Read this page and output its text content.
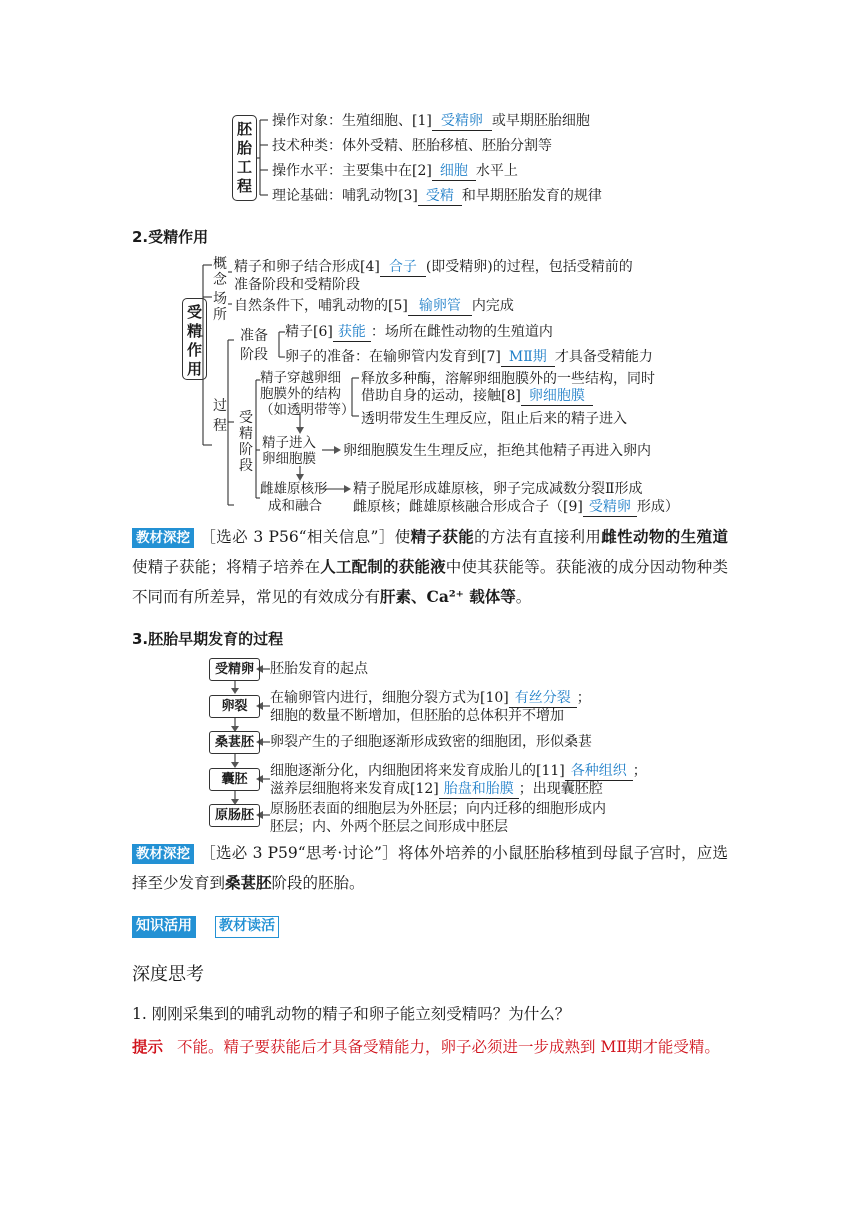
胚
胎
工
程
操作对象：生殖细胞、[1] 受精卵 或早期胚胎细胞
技术种类：体外受精、胚胎移植、胚胎分割等
操作水平：主要集中在[2] 细胞 水平上
理论基础：哺乳动物[3] 受精 和早期胚胎发育的规律
2.受精作用
受
精
作
用
概
念
场
所
过
程
精子和卵子结合形成[4] 合子 (即受精卵)的过程，包括受精前的
准备阶段和受精阶段
自然条件下，哺乳动物的[5] 输卵管 内完成
准备
阶段
精子[6] 获能 ：场所在雌性动物的生殖道内
卵子的准备：在输卵管内发育到[7] MⅡ期 才具备受精能力
受
精
阶
段
精子穿越卵细
胞膜外的结构
（如透明带等）
释放多种酶，溶解卵细胞膜外的一些结构，同时
借助自身的运动，接触[8] 卵细胞膜
透明带发生生理反应，阻止后来的精子进入
精子进入
卵细胞膜 卵细胞膜发生生理反应，拒绝其他精子再进入卵内
雌雄原核形
成和融合
精子脱尾形成雄原核，卵子完成减数分裂Ⅱ形成
雌原核；雌雄原核融合形成合子（[9] 受精卵 形成）
教材深挖 ［选必 3 P56“相关信息”］使精子获能的方法有直接利用雌性动物的生殖道使精子获能；将精子培养在人工配制的获能液中使其获能等。获能液的成分因动物种类不同而有所差异，常见的有效成分有肝素、Ca²⁺ 载体等。
3.胚胎早期发育的过程
受精卵
卵裂
桑葚胚
囊胚
原肠胚
胚胎发育的起点
在输卵管内进行，细胞分裂方式为[10] 有丝分裂 ；
细胞的数量不断增加，但胚胎的总体积并不增加
卵裂产生的子细胞逐渐形成致密的细胞团，形似桑葚
细胞逐渐分化，内细胞团将来发育成胎儿的[11] 各种组织 ；
滋养层细胞将来发育成[12] 胎盘和胎膜 ；出现囊胚腔
原肠胚表面的细胞层为外胚层；向内迁移的细胞形成内
胚层；内、外两个胚层之间形成中胚层
教材深挖 ［选必 3 P59“思考·讨论”］将体外培养的小鼠胚胎移植到母鼠子宫时，应选择至少发育到桑葚胚阶段的胚胎。
知识活用 教材读活
深度思考
1. 刚刚采集到的哺乳动物的精子和卵子能立刻受精吗？为什么？
提示 不能。精子要获能后才具备受精能力，卵子必须进一步成熟到 MⅡ期才能受精。
